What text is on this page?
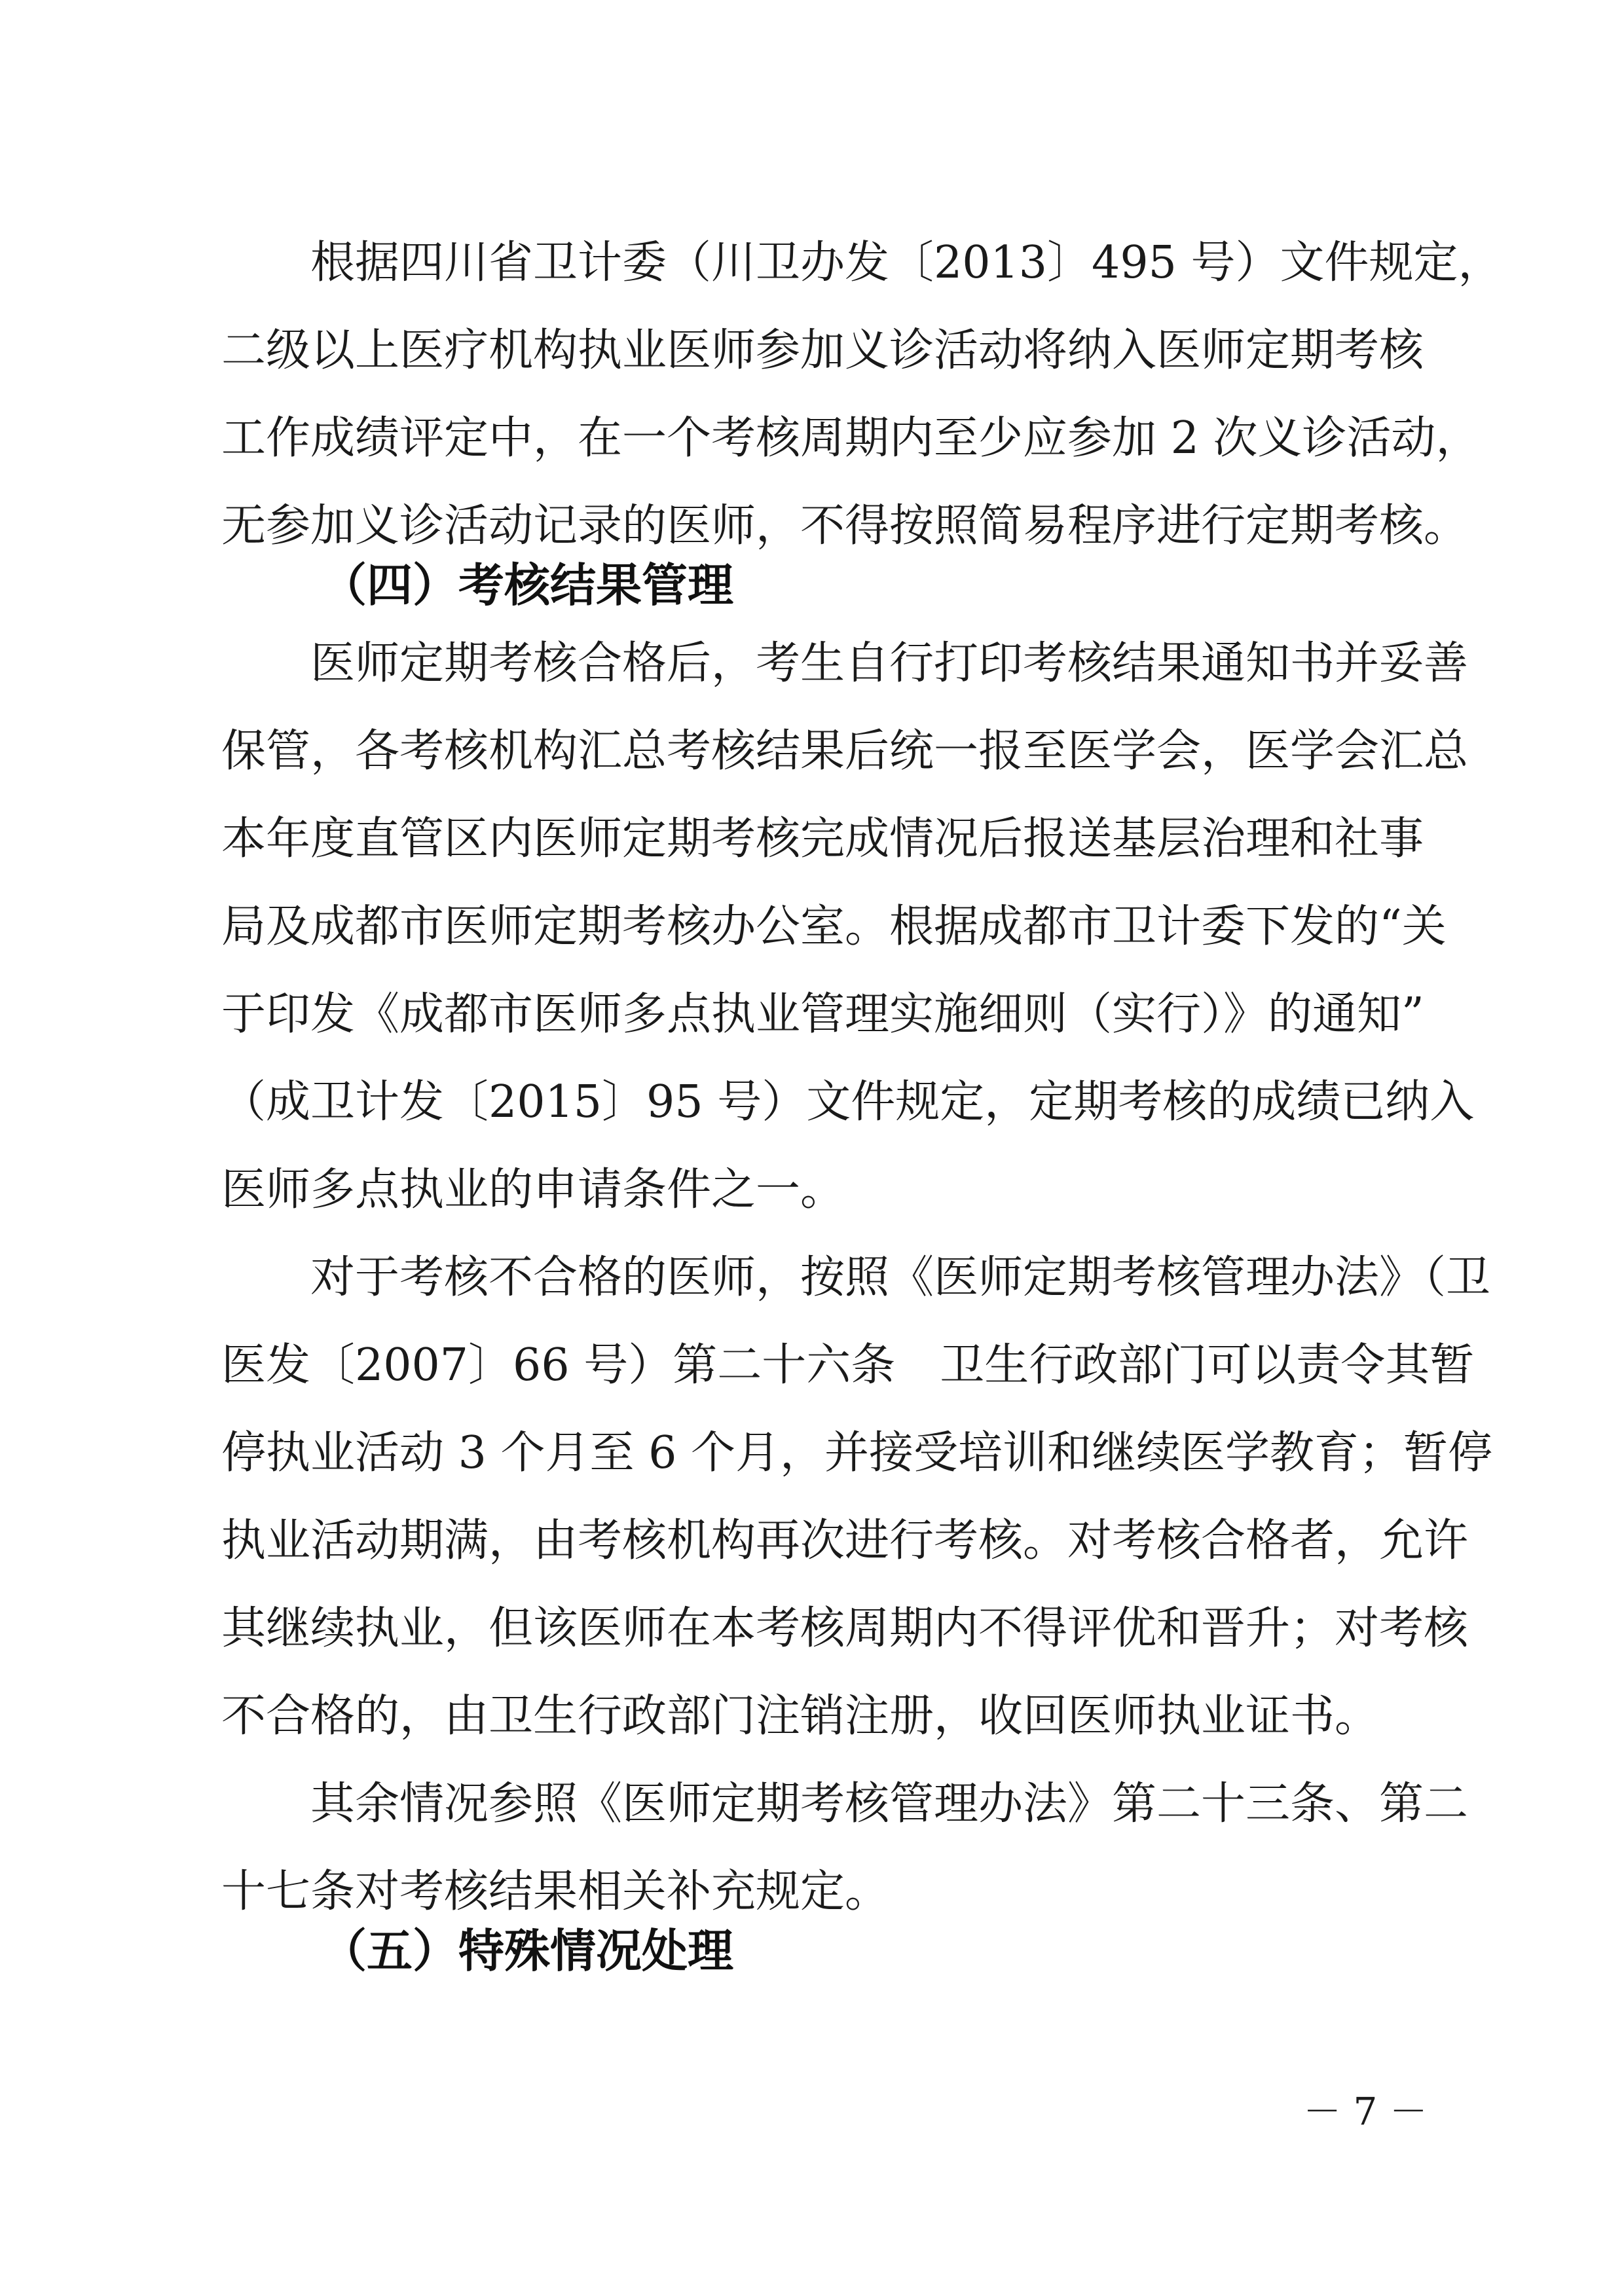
根据四川省卫计委（川卫办发〔2013〕495 号）文件规定，
二级以上医疗机构执业医师参加义诊活动将纳入医师定期考核
工作成绩评定中，在一个考核周期内至少应参加 2 次义诊活动，
无参加义诊活动记录的医师，不得按照简易程序进行定期考核。
（四）考核结果管理
医师定期考核合格后，考生自行打印考核结果通知书并妥善
保管，各考核机构汇总考核结果后统一报至医学会，医学会汇总
本年度直管区内医师定期考核完成情况后报送基层治理和社事
局及成都市医师定期考核办公室。根据成都市卫计委下发的“关
于印发《成都市医师多点执业管理实施细则（实行）》的通知”
（成卫计发〔2015〕95 号）文件规定，定期考核的成绩已纳入
医师多点执业的申请条件之一。
对于考核不合格的医师，按照《医师定期考核管理办法》（卫
医发〔2007〕66 号）第二十六条　卫生行政部门可以责令其暂
停执业活动 3 个月至 6 个月，并接受培训和继续医学教育；暂停
执业活动期满，由考核机构再次进行考核。对考核合格者，允许
其继续执业，但该医师在本考核周期内不得评优和晋升；对考核
不合格的，由卫生行政部门注销注册，收回医师执业证书。
其余情况参照《医师定期考核管理办法》第二十三条、第二
十七条对考核结果相关补充规定。
（五）特殊情况处理
－ 7 －
